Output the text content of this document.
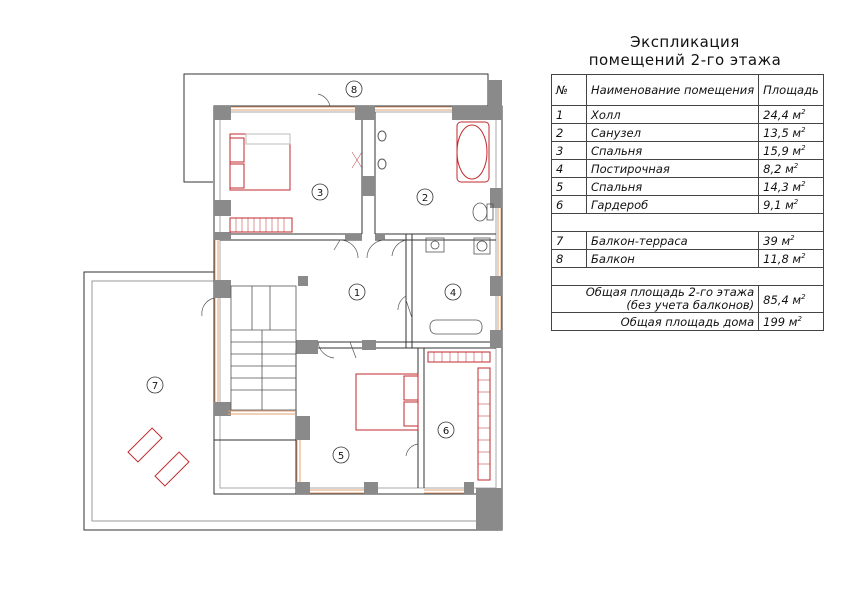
8
3	2
1	4
6
5
7
Экспликация
помещений 2-го этажа
№	Наименование помещения	Площадь
1	Холл	24,4 $м^2$
2	Санузел	13,5 $м^2$
3	Спальня	15,9 $м^2$
4	Постирочная	8,2 $м^2$
5	Спальня	14,3 $м^2$
6	Гардероб	9,1 $м^2$

7	Балкон-терраса	39 $м^2$
8	Балкон	11,8 $м^2$

Общая площадь 2-го этажа
(без учета балконов)		85,4 $м^2$
Общая площадь дома		199 $м^2$
